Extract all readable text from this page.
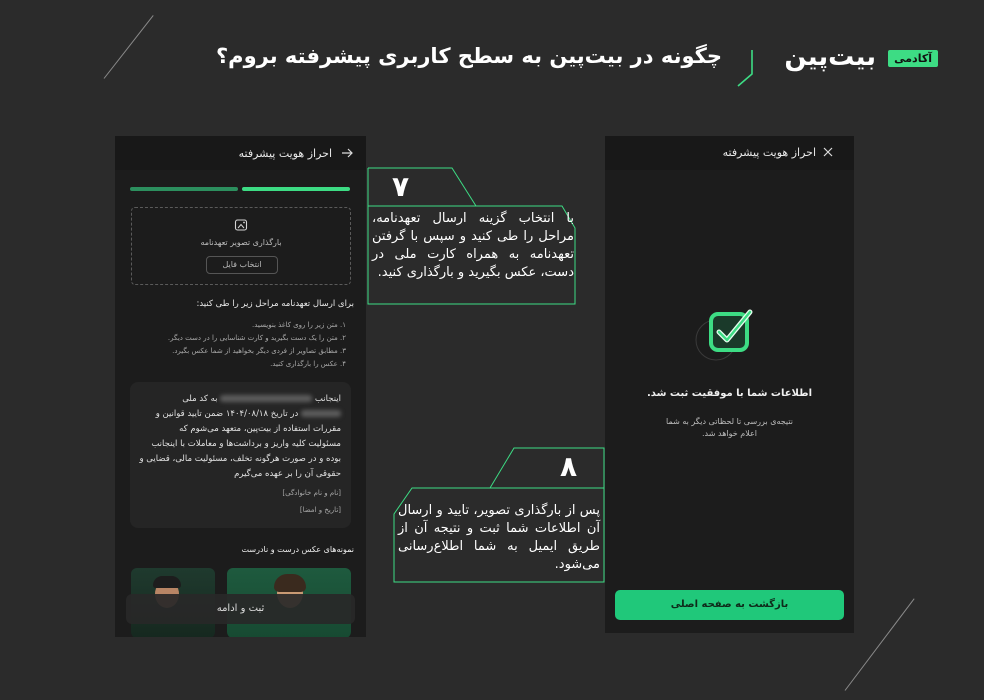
بیت‌پین	آکادمی
چگونه در بیت‌پین به سطح کاربری پیشرفته بروم؟
احراز هویت پیشرفته
بارگذاری تصویر تعهدنامه
انتخاب فایل
برای ارسال تعهدنامه مراحل زیر را طی کنید:
۱. متن زیر را روی کاغذ بنویسید.
۲. متن را یک دست بگیرید و کارت شناسایی را در دست دیگر.
۳. مطابق تصاویر از فردی دیگر بخواهید از شما عکس بگیرد.
۴. عکس را بارگذاری کنید.
اینجانب  به کد ملی
در تاریخ ۱۴۰۴/۰۸/۱۸ ضمن تایید قوانین و
مقررات استفاده از بیت‌پین، متعهد می‌شوم که
مسئولیت کلیه واریز و برداشت‌ها و معاملات با اینجانب
بوده و در صورت هرگونه تخلف، مسئولیت مالی، قضایی و
حقوقی آن را بر عهده می‌گیرم
[نام و نام خانوادگی]
[تاریخ و امضا]
نمونه‌های عکس درست و نادرست
ثبت و ادامه
احراز هویت پیشرفته
اطلاعات شما با موفقیت ثبت شد.
نتیجه‌ی بررسی تا لحظاتی دیگر به شما اعلام خواهد شد.
بازگشت به صفحه اصلی
۷
با انتخاب گزینه ارسال تعهدنامه، مراحل را طی کنید و سپس با گرفتن تعهدنامه به همراه کارت ملی در دست، عکس بگیرید و بارگذاری کنید.
۸
پس از بارگذاری تصویر، تایید و ارسال آن اطلاعات شما ثبت و نتیجه آن از طریق ایمیل به شما اطلاع‌رسانی می‌شود.
